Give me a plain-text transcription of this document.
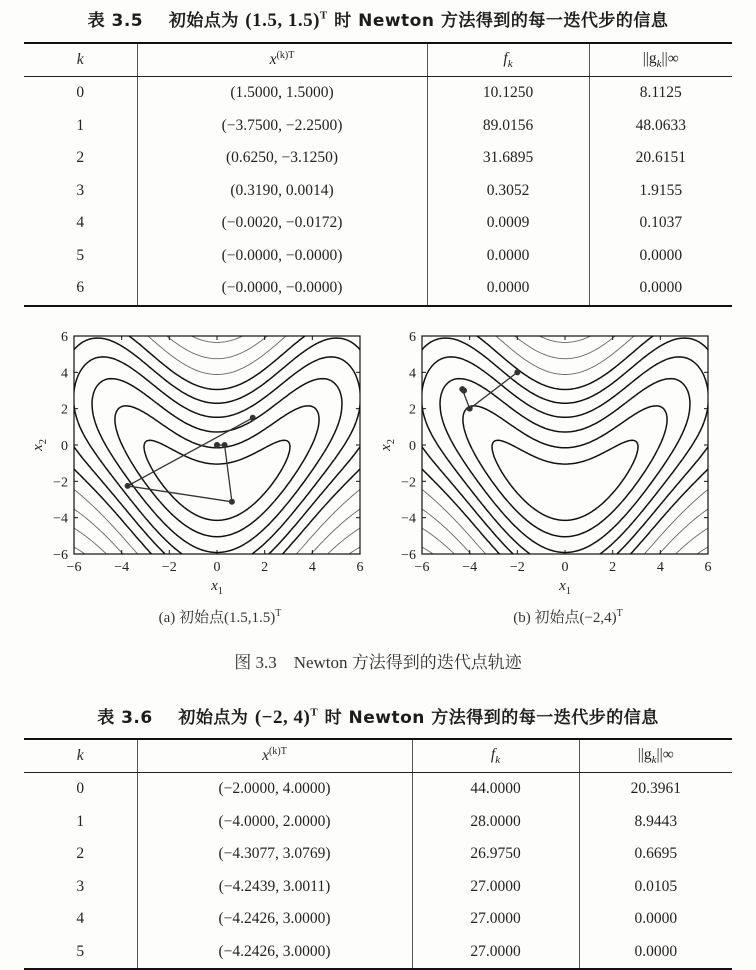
表 3.5 初始点为 (1.5, 1.5)$^T$ 时 Newton 方法得到的每一迭代步的信息
k	$x^{(k)T}$	$f_k$	$||g_k||\infty$
0	(1.5000, 1.5000)	10.1250	8.1125
1	(−3.7500, −2.2500)	89.0156	48.0633
2	(0.6250, −3.1250)	31.6895	20.6151
3	(0.3190, 0.0014)	0.3052	1.9155
4	(−0.0020, −0.0172)	0.0009	0.1037
5	(−0.0000, −0.0000)	0.0000	0.0000
6	(−0.0000, −0.0000)	0.0000	0.0000
−6 −4 −2	0	2	4	6
−6
−4
−2
0
2
4
6
$x_1$
$x_2$
−6 −4 −2	0	2	4	6
−6
−4
−2
0
2
4
6
$x_1$
$x_2$
(a) 初始点$(1.5,1.5)^T$	(b) 初始点$(-2,4)^T$
图 3.3　Newton 方法得到的迭代点轨迹
表 3.6 初始点为 (−2, 4)$^T$ 时 Newton 方法得到的每一迭代步的信息
k	$x^{(k)T}$	$f_k$	$||g_k||\infty$
0	(−2.0000, 4.0000)	44.0000	20.3961
1	(−4.0000, 2.0000)	28.0000	8.9443
2	(−4.3077, 3.0769)	26.9750	0.6695
3	(−4.2439, 3.0011)	27.0000	0.0105
4	(−4.2426, 3.0000)	27.0000	0.0000
5	(−4.2426, 3.0000)	27.0000	0.0000
